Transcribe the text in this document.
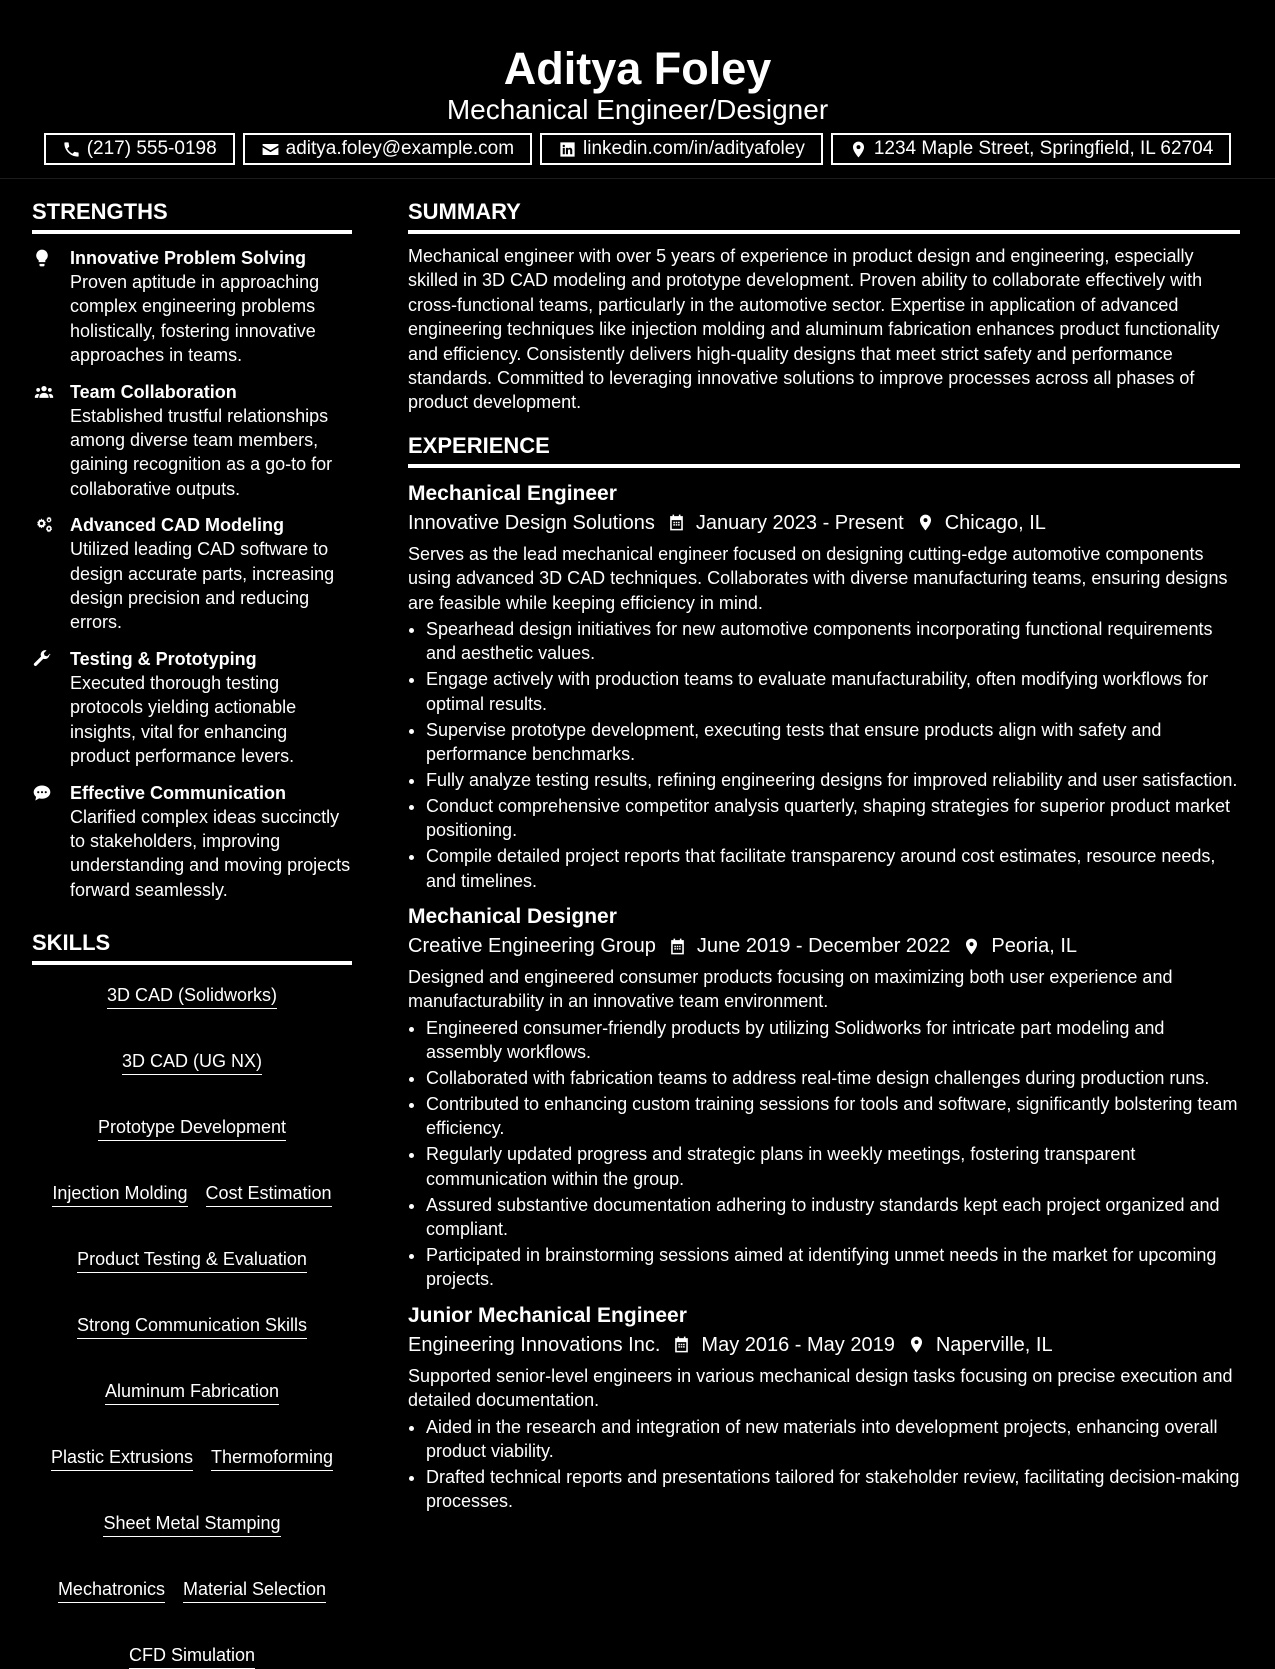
Aditya Foley
Mechanical Engineer/Designer
(217) 555-0198	aditya.foley@example.com	linkedin.com/in/adityafoley	1234 Maple Street, Springfield, IL 62704
STRENGTHS
Innovative Problem Solving
Proven aptitude in approaching complex engineering problems holistically, fostering innovative approaches in teams.
Team Collaboration
Established trustful relationships among diverse team members, gaining recognition as a go-to for collaborative outputs.
Advanced CAD Modeling
Utilized leading CAD software to design accurate parts, increasing design precision and reducing errors.
Testing & Prototyping
Executed thorough testing protocols yielding actionable insights, vital for enhancing product performance levers.
Effective Communication
Clarified complex ideas succinctly to stakeholders, improving understanding and moving projects forward seamlessly.
SKILLS
3D CAD (Solidworks)
3D CAD (UG NX)
Prototype Development
Injection Molding Cost Estimation
Product Testing & Evaluation
Strong Communication Skills
Aluminum Fabrication
Plastic Extrusions Thermoforming
Sheet Metal Stamping
Mechatronics Material Selection
CFD Simulation
SUMMARY
Mechanical engineer with over 5 years of experience in product design and engineering, especially skilled in 3D CAD modeling and prototype development. Proven ability to collaborate effectively with cross-functional teams, particularly in the automotive sector. Expertise in application of advanced engineering techniques like injection molding and aluminum fabrication enhances product functionality and efficiency. Consistently delivers high-quality designs that meet strict safety and performance standards. Committed to leveraging innovative solutions to improve processes across all phases of product development.
EXPERIENCE
Mechanical Engineer
Innovative Design Solutions January 2023 - Present Chicago, IL
Serves as the lead mechanical engineer focused on designing cutting-edge automotive components using advanced 3D CAD techniques. Collaborates with diverse manufacturing teams, ensuring designs are feasible while keeping efficiency in mind.
• Spearhead design initiatives for new automotive components incorporating functional requirements and aesthetic values.
• Engage actively with production teams to evaluate manufacturability, often modifying workflows for optimal results.
• Supervise prototype development, executing tests that ensure products align with safety and performance benchmarks.
• Fully analyze testing results, refining engineering designs for improved reliability and user satisfaction.
• Conduct comprehensive competitor analysis quarterly, shaping strategies for superior product market positioning.
• Compile detailed project reports that facilitate transparency around cost estimates, resource needs, and timelines.
Mechanical Designer
Creative Engineering Group June 2019 - December 2022 Peoria, IL
Designed and engineered consumer products focusing on maximizing both user experience and manufacturability in an innovative team environment.
• Engineered consumer-friendly products by utilizing Solidworks for intricate part modeling and assembly workflows.
• Collaborated with fabrication teams to address real-time design challenges during production runs.
• Contributed to enhancing custom training sessions for tools and software, significantly bolstering team efficiency.
• Regularly updated progress and strategic plans in weekly meetings, fostering transparent communication within the group.
• Assured substantive documentation adhering to industry standards kept each project organized and compliant.
• Participated in brainstorming sessions aimed at identifying unmet needs in the market for upcoming projects.
Junior Mechanical Engineer
Engineering Innovations Inc. May 2016 - May 2019 Naperville, IL
Supported senior-level engineers in various mechanical design tasks focusing on precise execution and detailed documentation.
• Aided in the research and integration of new materials into development projects, enhancing overall product viability.
• Drafted technical reports and presentations tailored for stakeholder review, facilitating decision-making processes.
